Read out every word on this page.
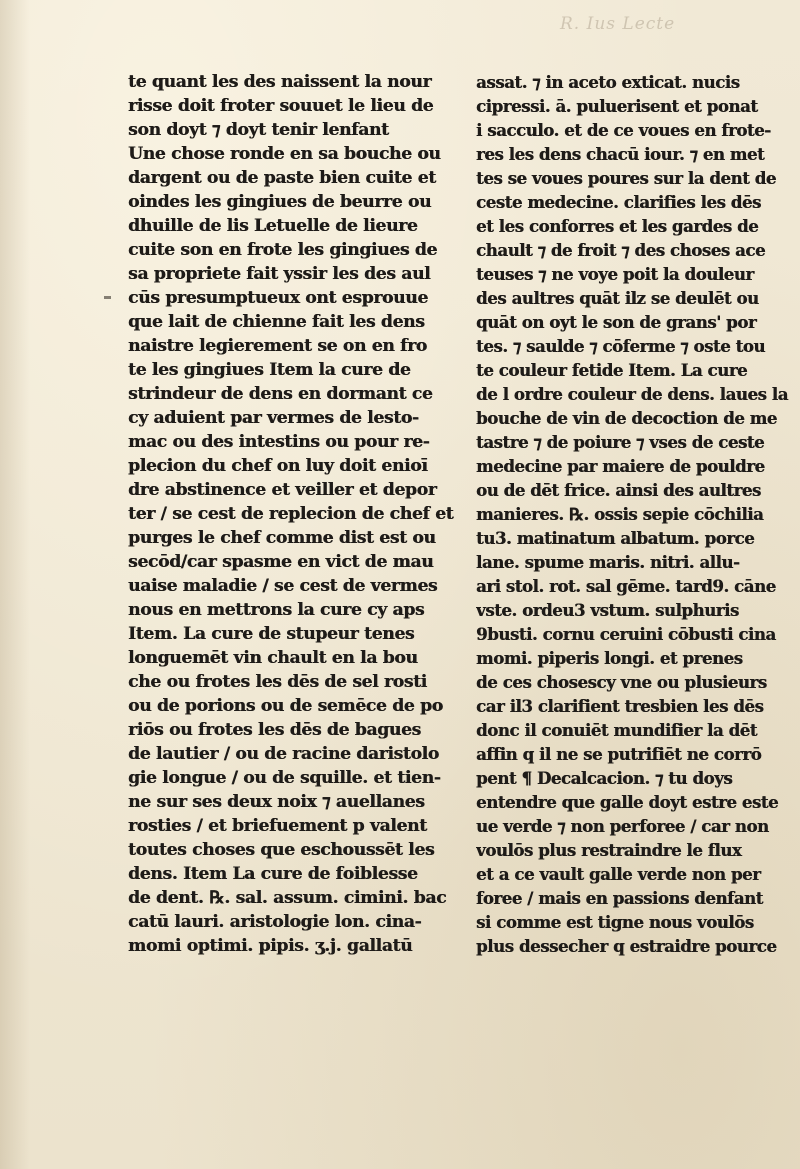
R. Ius Lecte
te quant les des naissent la nour
risse doit froter souuet le lieu de
son doyt ⁊ doyt tenir lenfant
Une chose ronde en sa bouche ou
dargent ou de paste bien cuite et
oindes les gingiues de beurre ou
dhuille de lis Letuelle de lieure
cuite son en frote les gingiues de
sa propriete fait yssir les des aul
cūs presumptueux ont esprouue
que lait de chienne fait les dens
naistre legierement se on en fro
te les gingiues Item la cure de
strindeur de dens en dormant ce
cy aduient par vermes de lesto-
mac ou des intestins ou pour re-
plecion du chef on luy doit enioī
dre abstinence et veiller et depor
ter / se cest de replecion de chef et
purges le chef comme dist est ou
secōd/car spasme en vict de mau
uaise maladie / se cest de vermes
nous en mettrons la cure cy aps
Item. La cure de stupeur tenes
longuemēt vin chault en la bou
che ou frotes les dēs de sel rosti
ou de porions ou de semēce de po
riōs ou frotes les dēs de bagues
de lautier / ou de racine daristolo
gie longue / ou de squille. et tien-
ne sur ses deux noix ⁊ auellanes
rosties / et briefuement p valent
toutes choses que eschoussēt les
dens. Item La cure de foiblesse
de dent. ℞. sal. assum. cimini. bac
catū lauri. aristologie lon. cina-
momi optimi. pipis. ʒ.j. gallatū
assat. ⁊ in aceto exticat. nucis
cipressi. ā. puluerisent et ponat
i sacculo. et de ce voues en frote-
res les dens chacū iour. ⁊ en met
tes se voues poures sur la dent de
ceste medecine. clarifies les dēs
et les conforres et les gardes de
chault ⁊ de froit ⁊ des choses ace
teuses ⁊ ne voye poit la douleur
des aultres quāt ilz se deulēt ou
quāt on oyt le son de grans' por
tes. ⁊ saulde ⁊ cōferme ⁊ oste tou
te couleur fetide Item. La cure
de l ordre couleur de dens. laues la
bouche de vin de decoction de me
tastre ⁊ de poiure ⁊ vses de ceste
medecine par maiere de pouldre
ou de dēt frice. ainsi des aultres
manieres. ℞. ossis sepie cōchilia
tu3. matinatum albatum. porce
lane. spume maris. nitri. allu-
ari stol. rot. sal gēme. tard9. cāne
vste. ordeu3 vstum. sulphuris
9busti. cornu ceruini cōbusti cina
momi. piperis longi. et prenes
de ces chosescy vne ou plusieurs
car il3 clarifient tresbien les dēs
donc il conuiēt mundifier la dēt
affin q il ne se putrifiēt ne corrō
pent ¶ Decalcacion. ⁊ tu doys
entendre que galle doyt estre este
ue verde ⁊ non perforee / car non
voulōs plus restraindre le flux
et a ce vault galle verde non per
foree / mais en passions denfant
si comme est tigne nous voulōs
plus dessecher q estraidre pource
